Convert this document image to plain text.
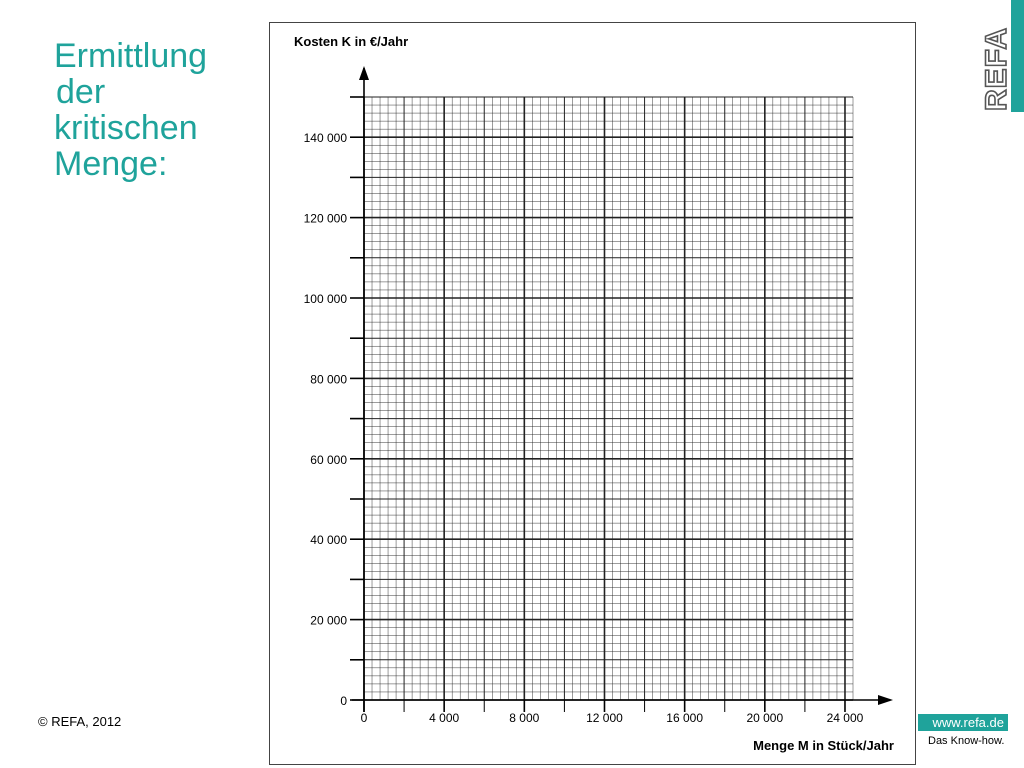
Ermittlung
der
kritischen
Menge:
REFA
0
20 000
40 000
60 000
80 000
100 000
120 000
140 000
0	4 000	8 000	12 000	16 000	20 000	24 000
Kosten K in €/Jahr
Menge M in Stück/Jahr
© REFA, 2012	www.refa.de
Das Know-how.
